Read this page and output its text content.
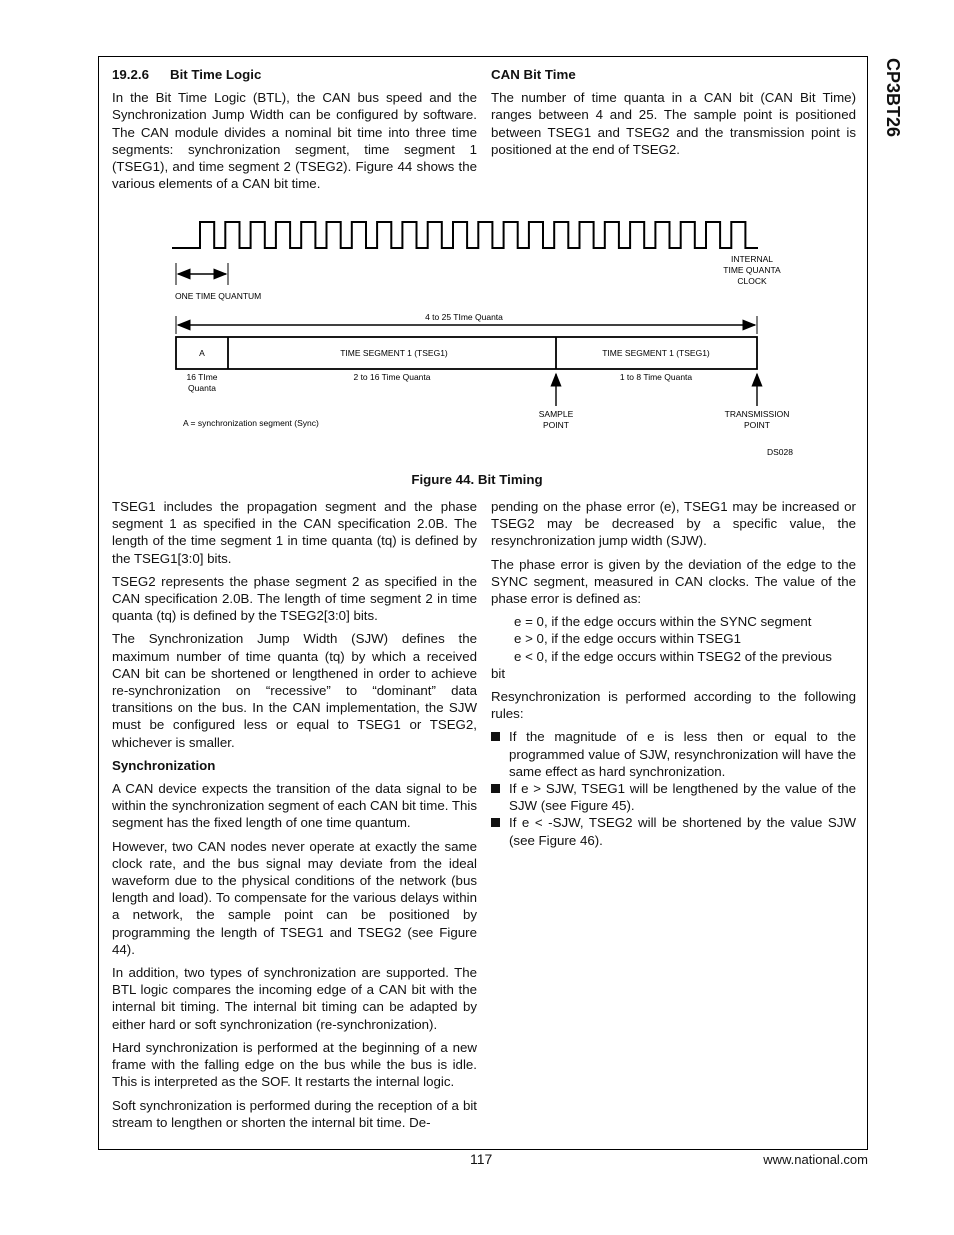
CP3BT26
19.2.6 Bit Time Logic

In the Bit Time Logic (BTL), the CAN bus speed and the Synchronization Jump Width can be configured by software. The CAN module divides a nominal bit time into three time segments: synchronization segment, time segment 1 (TSEG1), and time segment 2 (TSEG2). Figure 44 shows the various elements of a CAN bit time.

CAN Bit Time

The number of time quanta in a CAN bit (CAN Bit Time) ranges between 4 and 25. The sample point is positioned between TSEG1 and TSEG2 and the transmission point is positioned at the end of TSEG2.

ONE TIME QUANTUM
INTERNAL
TIME QUANTA
CLOCK
4 to 25 TIme Quanta
A	TIME SEGMENT 1 (TSEG1)	TIME SEGMENT 1 (TSEG1)
16 TIme
Quanta
2 to 16 Time Quanta	1 to 8 Time Quanta
SAMPLE
POINT
TRANSMISSION
POINT
A = synchronization segment (Sync)
DS028
Figure 44. Bit Timing

TSEG1 includes the propagation segment and the phase segment 1 as specified in the CAN specification 2.0B. The length of the time segment 1 in time quanta (tq) is defined by the TSEG1[3:0] bits.

TSEG2 represents the phase segment 2 as specified in the CAN specification 2.0B. The length of time segment 2 in time quanta (tq) is defined by the TSEG2[3:0] bits.

The Synchronization Jump Width (SJW) defines the maximum number of time quanta (tq) by which a received CAN bit can be shortened or lengthened in order to achieve re-synchronization on “recessive” to “dominant” data transitions on the bus. In the CAN implementation, the SJW must be configured less or equal to TSEG1 or TSEG2, whichever is smaller.

Synchronization

A CAN device expects the transition of the data signal to be within the synchronization segment of each CAN bit time. This segment has the fixed length of one time quantum.

However, two CAN nodes never operate at exactly the same clock rate, and the bus signal may deviate from the ideal waveform due to the physical conditions of the network (bus length and load). To compensate for the various delays within a network, the sample point can be positioned by programming the length of TSEG1 and TSEG2 (see Figure 44).

In addition, two types of synchronization are supported. The BTL logic compares the incoming edge of a CAN bit with the internal bit timing. The internal bit timing can be adapted by either hard or soft synchronization (re-synchronization).

Hard synchronization is performed at the beginning of a new frame with the falling edge on the bus while the bus is idle. This is interpreted as the SOF. It restarts the internal logic.

Soft synchronization is performed during the reception of a bit stream to lengthen or shorten the internal bit time. De-

pending on the phase error (e), TSEG1 may be increased or TSEG2 may be decreased by a specific value, the resynchronization jump width (SJW).

The phase error is given by the deviation of the edge to the SYNC segment, measured in CAN clocks. The value of the phase error is defined as:

e = 0, if the edge occurs within the SYNC segment

e > 0, if the edge occurs within TSEG1

e < 0, if the edge occurs within TSEG2 of the previous

bit

Resynchronization is performed according to the following rules:

If the magnitude of e is less then or equal to the programmed value of SJW, resynchronization will have the same effect as hard synchronization.
If e > SJW, TSEG1 will be lengthened by the value of the SJW (see Figure 45).
If e < -SJW, TSEG2 will be shortened by the value SJW (see Figure 46).
117	www.national.com
